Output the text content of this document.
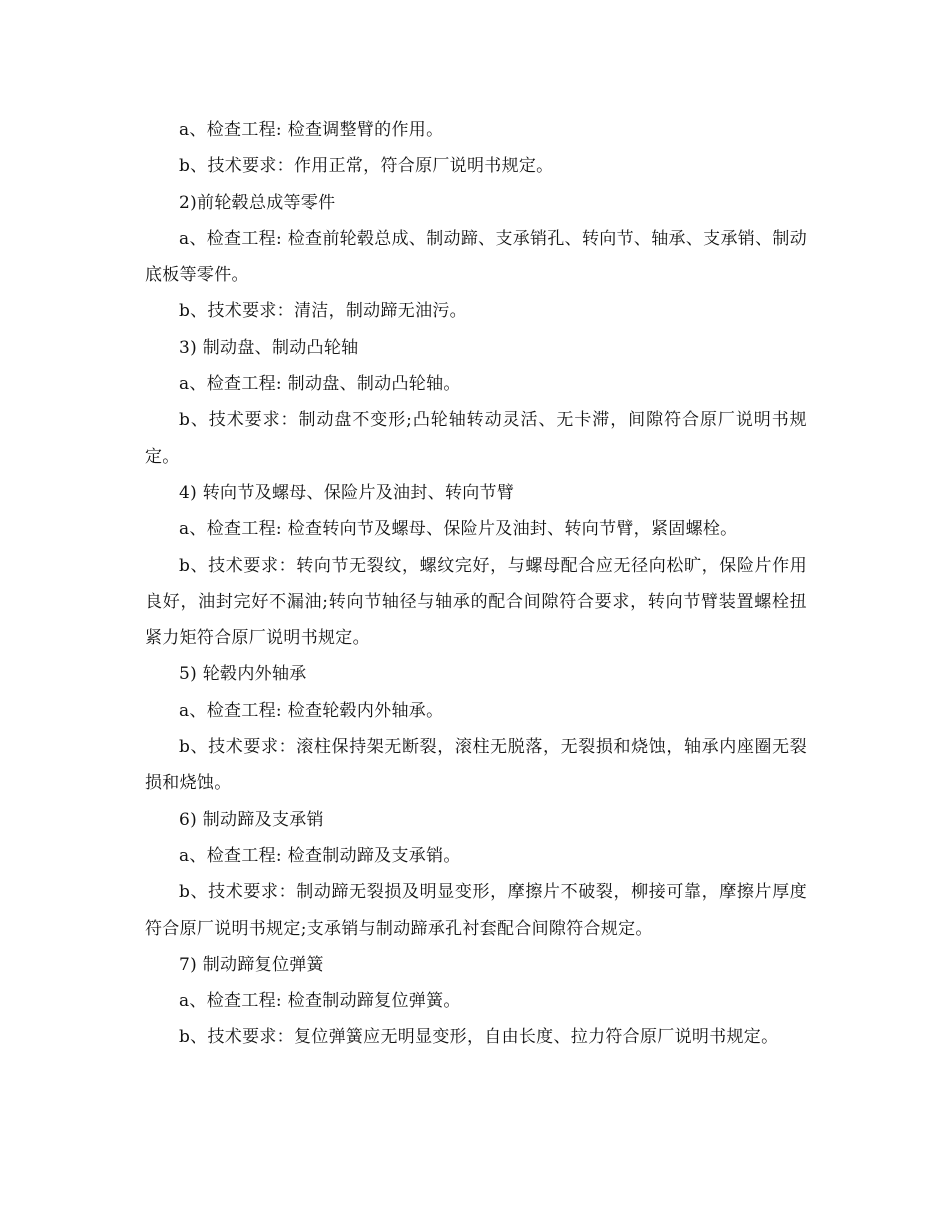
a、检查工程: 检查调整臂的作用。

b、技术要求：作用正常，符合原厂说明书规定。

2)前轮毂总成等零件

a、检查工程: 检查前轮毂总成、制动蹄、支承销孔、转向节、轴承、支承销、制动底板等零件。

b、技术要求：清洁，制动蹄无油污。

3) 制动盘、制动凸轮轴

a、检查工程: 制动盘、制动凸轮轴。

b、技术要求：制动盘不变形;凸轮轴转动灵活、无卡滞，间隙符合原厂说明书规定。

4) 转向节及螺母、保险片及油封、转向节臂

a、检查工程: 检查转向节及螺母、保险片及油封、转向节臂，紧固螺栓。

b、技术要求：转向节无裂纹，螺纹完好，与螺母配合应无径向松旷，保险片作用良好，油封完好不漏油;转向节轴径与轴承的配合间隙符合要求，转向节臂装置螺栓扭紧力矩符合原厂说明书规定。

5) 轮毂内外轴承

a、检查工程: 检查轮毂内外轴承。

b、技术要求：滚柱保持架无断裂，滚柱无脱落，无裂损和烧蚀，轴承内座圈无裂损和烧蚀。

6) 制动蹄及支承销

a、检查工程: 检查制动蹄及支承销。

b、技术要求：制动蹄无裂损及明显变形，摩擦片不破裂，柳接可靠，摩擦片厚度符合原厂说明书规定;支承销与制动蹄承孔衬套配合间隙符合规定。

7) 制动蹄复位弹簧

a、检查工程: 检查制动蹄复位弹簧。

b、技术要求：复位弹簧应无明显变形，自由长度、拉力符合原厂说明书规定。
